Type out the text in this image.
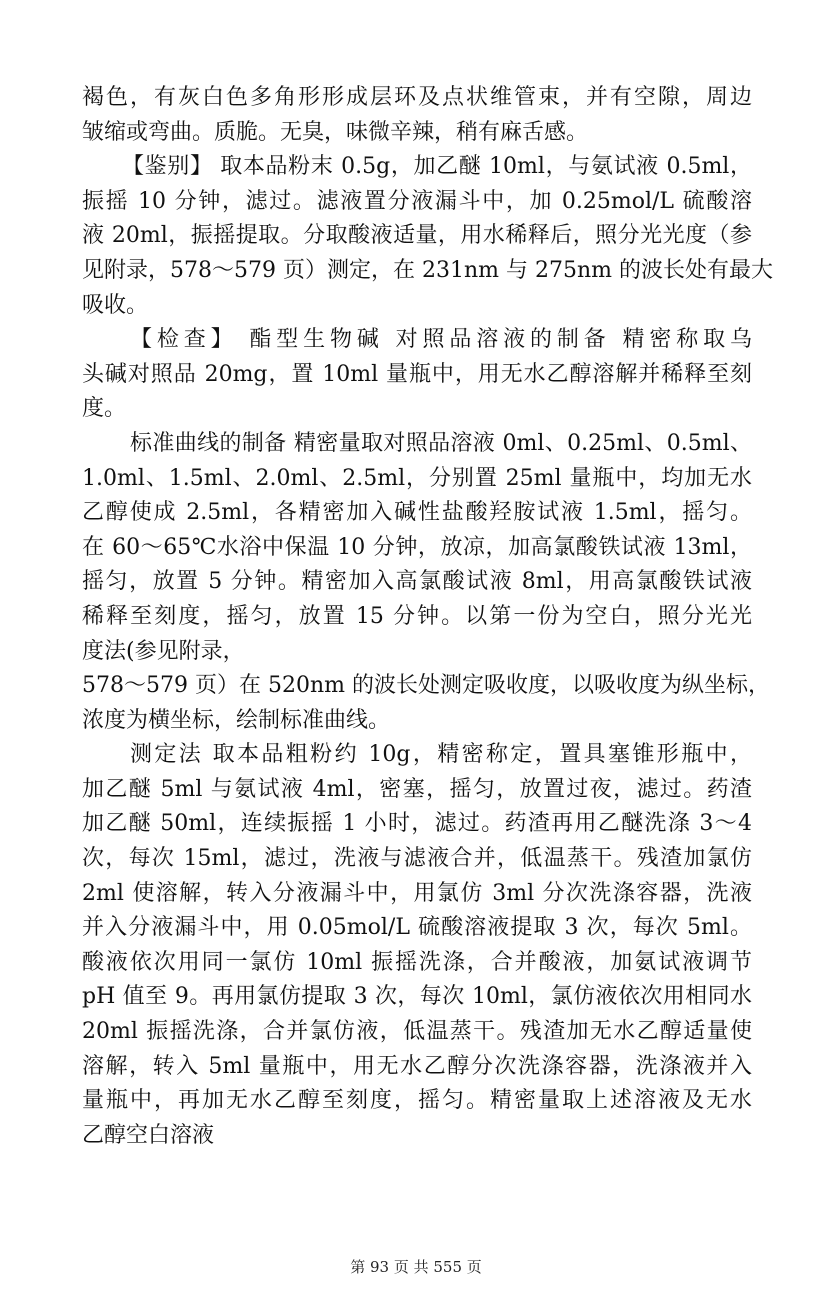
褐色，有灰白色多角形形成层环及点状维管束，并有空隙，周边
皱缩或弯曲。质脆。无臭，味微辛辣，稍有麻舌感。
【鉴别】 取本品粉末 0.5g，加乙醚 10ml，与氨试液 0.5ml，
振摇 10 分钟，滤过。滤液置分液漏斗中，加 0.25mol/L 硫酸溶
液 20ml，振摇提取。分取酸液适量，用水稀释后，照分光光度（参
见附录，578～579 页）测定，在 231nm 与 275nm 的波长处有最大
吸收。
【检查】 酯型生物碱 对照品溶液的制备 精密称取乌
头碱对照品 20mg，置 10ml 量瓶中，用无水乙醇溶解并稀释至刻
度。
标准曲线的制备 精密量取对照品溶液 0ml、0.25ml、0.5ml、
1.0ml、1.5ml、2.0ml、2.5ml，分别置 25ml 量瓶中，均加无水
乙醇使成 2.5ml，各精密加入碱性盐酸羟胺试液 1.5ml，摇匀。
在 60～65℃水浴中保温 10 分钟，放凉，加高氯酸铁试液 13ml，
摇匀，放置 5 分钟。精密加入高氯酸试液 8ml，用高氯酸铁试液
稀释至刻度，摇匀，放置 15 分钟。以第一份为空白，照分光光
度法(参见附录，
578～579 页）在 520nm 的波长处测定吸收度，以吸收度为纵坐标，
浓度为横坐标，绘制标准曲线。
测定法 取本品粗粉约 10g，精密称定，置具塞锥形瓶中，
加乙醚 5ml 与氨试液 4ml，密塞，摇匀，放置过夜，滤过。药渣
加乙醚 50ml，连续振摇 1 小时，滤过。药渣再用乙醚洗涤 3～4
次，每次 15ml，滤过，洗液与滤液合并，低温蒸干。残渣加氯仿
2ml 使溶解，转入分液漏斗中，用氯仿 3ml 分次洗涤容器，洗液
并入分液漏斗中，用 0.05mol/L 硫酸溶液提取 3 次，每次 5ml。
酸液依次用同一氯仿 10ml 振摇洗涤，合并酸液，加氨试液调节
pH 值至 9。再用氯仿提取 3 次，每次 10ml，氯仿液依次用相同水
20ml 振摇洗涤，合并氯仿液，低温蒸干。残渣加无水乙醇适量使
溶解，转入 5ml 量瓶中，用无水乙醇分次洗涤容器，洗涤液并入
量瓶中，再加无水乙醇至刻度，摇匀。精密量取上述溶液及无水
乙醇空白溶液
第 93 页 共 555 页
